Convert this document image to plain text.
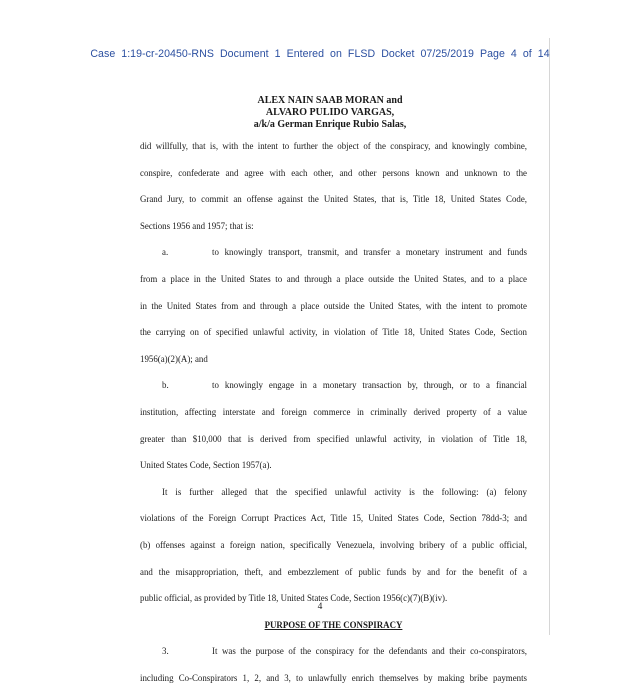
Case 1:19-cr-20450-RNS Document 1 Entered on FLSD Docket 07/25/2019 Page 4 of 14
ALEX NAIN SAAB MORAN and
ALVARO PULIDO VARGAS,
a/k/a German Enrique Rubio Salas,
did willfully, that is, with the intent to further the object of the conspiracy, and knowingly combine,
conspire, confederate and agree with each other, and other persons known and unknown to the
Grand Jury, to commit an offense against the United States, that is, Title 18, United States Code,
Sections 1956 and 1957; that is:
a.	to knowingly transport, transmit, and transfer a monetary instrument and funds
from a place in the United States to and through a place outside the United States, and to a place
in the United States from and through a place outside the United States, with the intent to promote
the carrying on of specified unlawful activity, in violation of Title 18, United States Code, Section
1956(a)(2)(A); and
b.	to knowingly engage in a monetary transaction by, through, or to a financial
institution, affecting interstate and foreign commerce in criminally derived property of a value
greater than $10,000 that is derived from specified unlawful activity, in violation of Title 18,
United States Code, Section 1957(a).
It is further alleged that the specified unlawful activity is the following: (a) felony
violations of the Foreign Corrupt Practices Act, Title 15, United States Code, Section 78dd-3; and
(b) offenses against a foreign nation, specifically Venezuela, involving bribery of a public official,
and the misappropriation, theft, and embezzlement of public funds by and for the benefit of a
public official, as provided by Title 18, United States Code, Section 1956(c)(7)(B)(iv).
PURPOSE OF THE CONSPIRACY
3.	It was the purpose of the conspiracy for the defendants and their co-conspirators,
including Co-Conspirators 1, 2, and 3, to unlawfully enrich themselves by making bribe payments
4
